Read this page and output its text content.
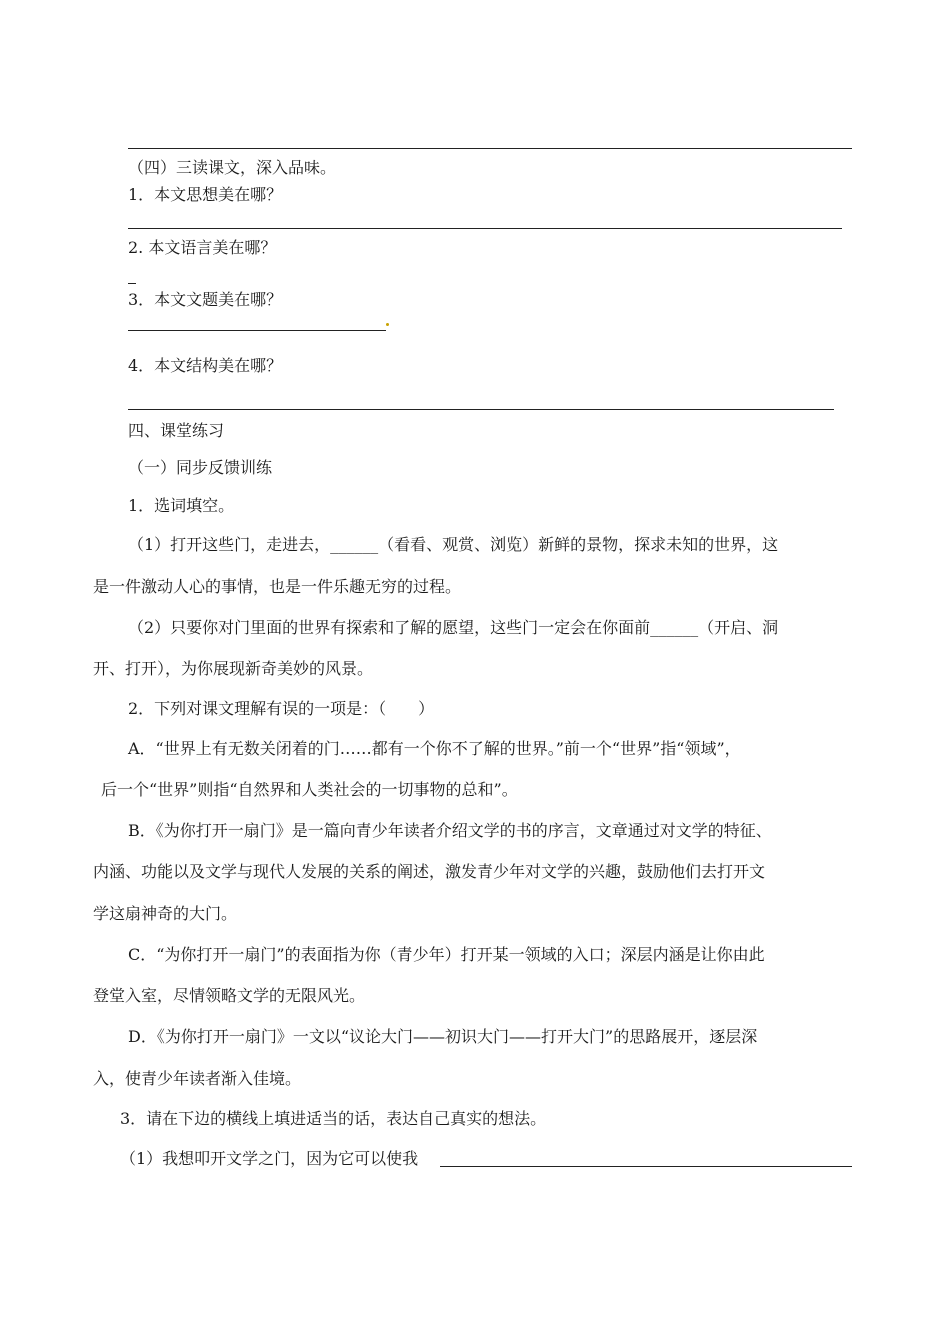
（四）三读课文，深入品味。
1．本文思想美在哪？
2. 本文语言美在哪？
3．本文文题美在哪？
4．本文结构美在哪？
四、课堂练习
（一）同步反馈训练
1．选词填空。
（1）打开这些门，走进去，______（看看、观赏、浏览）新鲜的景物，探求未知的世界，这
是一件激动人心的事情，也是一件乐趣无穷的过程。
（2）只要你对门里面的世界有探索和了解的愿望，这些门一定会在你面前______（开启、洞
开、打开），为你展现新奇美妙的风景。
2．下列对课文理解有误的一项是：（　　）
A．“世界上有无数关闭着的门……都有一个你不了解的世界。”前一个“世界”指“领域”，
后一个“世界”则指“自然界和人类社会的一切事物的总和”。
B．《为你打开一扇门》是一篇向青少年读者介绍文学的书的序言，文章通过对文学的特征、
内涵、功能以及文学与现代人发展的关系的阐述，激发青少年对文学的兴趣，鼓励他们去打开文
学这扇神奇的大门。
C．“为你打开一扇门”的表面指为你（青少年）打开某一领域的入口；深层内涵是让你由此
登堂入室，尽情领略文学的无限风光。
D．《为你打开一扇门》一文以“议论大门——初识大门——打开大门”的思路展开，逐层深
入，使青少年读者渐入佳境。
3．请在下边的横线上填进适当的话，表达自己真实的想法。
（1）我想叩开文学之门，因为它可以使我
